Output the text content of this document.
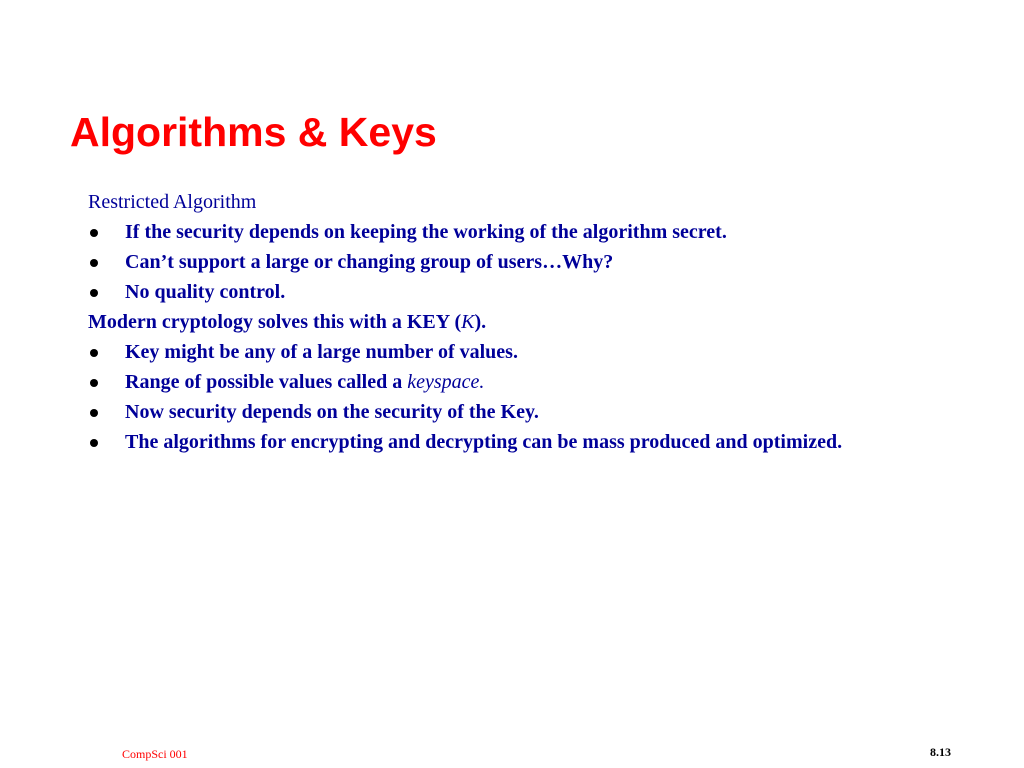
Algorithms & Keys

Restricted Algorithm

If the security depends on keeping the working of the algorithm secret.
Can’t support a large or changing group of users…Why?
No quality control.

Modern cryptology solves this with a KEY (K).

Key might be any of a large number of values.
Range of possible values called a keyspace.
Now security depends on the security of the Key.
The algorithms for encrypting and decrypting can be mass produced and optimized.
CompSci 001	8.13
